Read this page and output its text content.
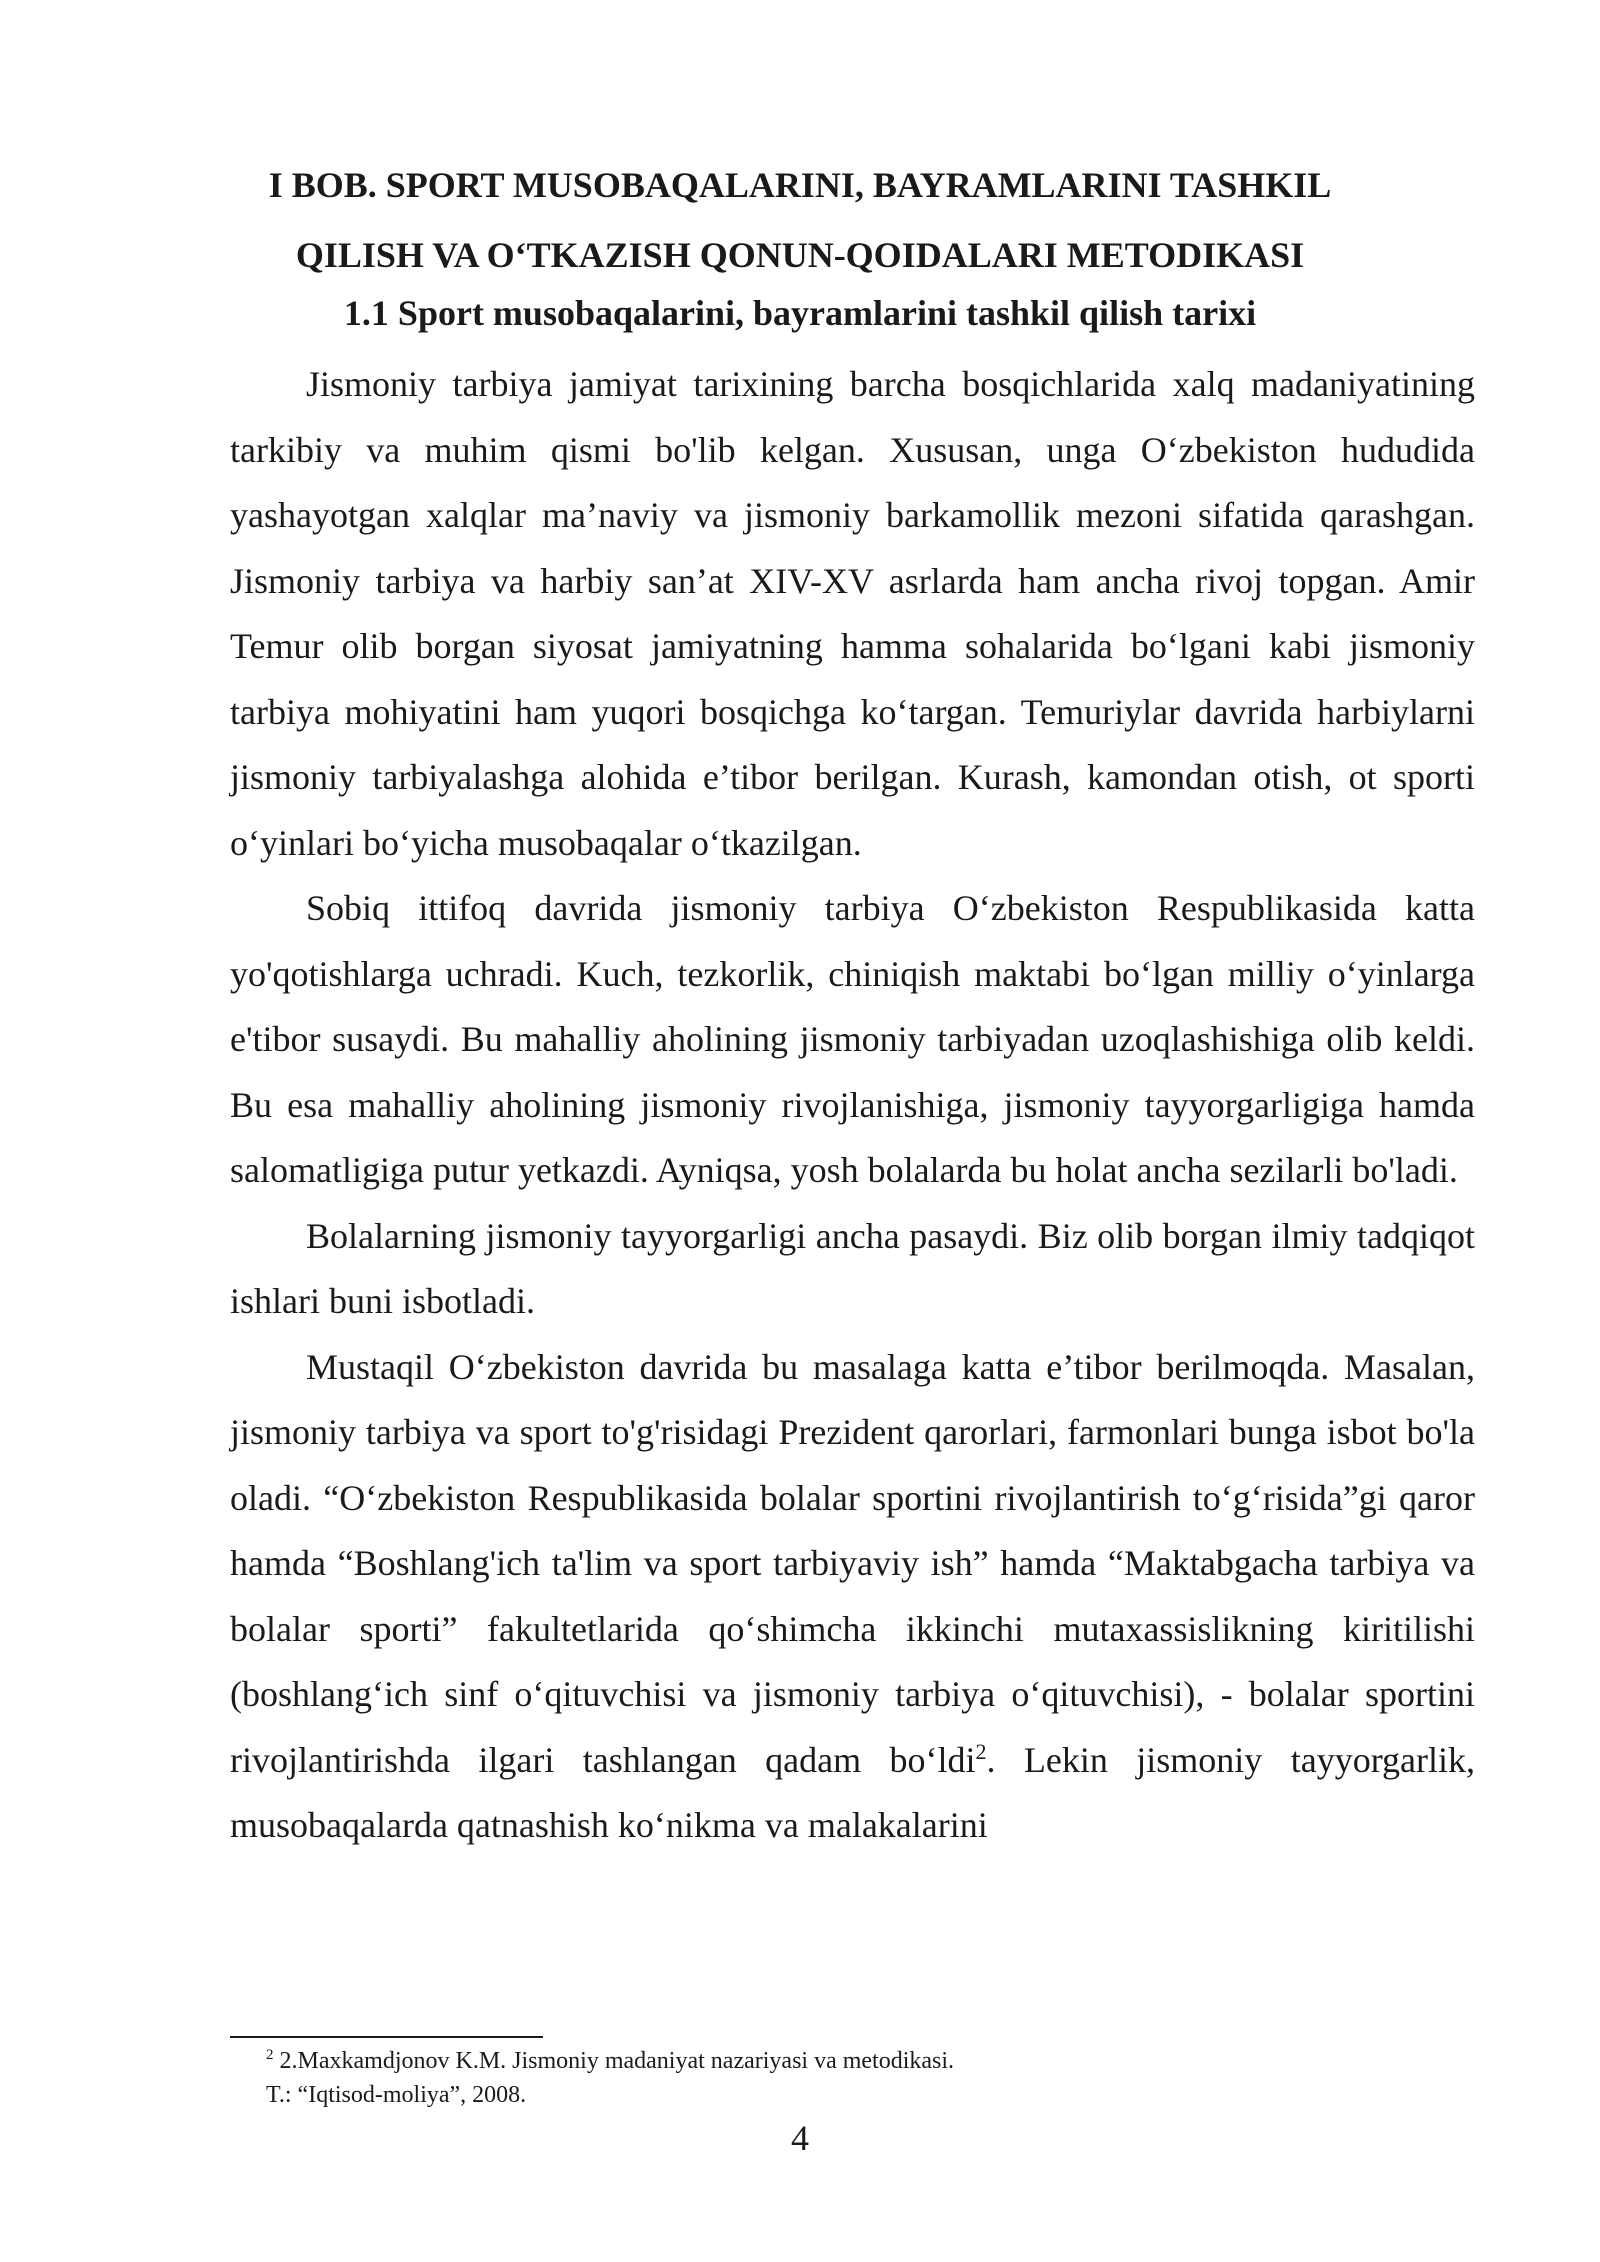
I BOB. SPORT MUSOBAQALARINI, BAYRAMLARINI TASHKIL
QILISH VA O‘TKAZISH QONUN-QOIDALARI METODIKASI
1.1 Sport musobaqalarini, bayramlarini tashkil qilish tarixi

Jismoniy tarbiya jamiyat tarixining barcha bosqichlarida xalq madaniyatining tarkibiy va muhim qismi bo'lib kelgan. Xususan, unga O‘zbekiston hududida yashayotgan xalqlar ma’naviy va jismoniy barkamollik mezoni sifatida qarashgan. Jismoniy tarbiya va harbiy san’at XIV-XV asrlarda ham ancha rivoj topgan. Amir Temur olib borgan siyosat jamiyatning hamma sohalarida bo‘lgani kabi jismoniy tarbiya mohiyatini ham yuqori bosqichga ko‘targan. Temuriylar davrida harbiylarni jismoniy tarbiyalashga alohida e’tibor berilgan. Kurash, kamondan otish, ot sporti o‘yinlari bo‘yicha musobaqalar o‘tkazilgan.

Sobiq ittifoq davrida jismoniy tarbiya O‘zbekiston Respublikasida katta yo'qotishlarga uchradi. Kuch, tezkorlik, chiniqish maktabi bo‘lgan milliy o‘yinlarga e'tibor susaydi. Bu mahalliy aholining jismoniy tarbiyadan uzoqlashishiga olib keldi. Bu esa mahalliy aholining jismoniy rivojlanishiga, jismoniy tayyorgarligiga hamda salomatligiga putur yetkazdi. Ayniqsa, yosh bolalarda bu holat ancha sezilarli bo'ladi.

Bolalarning jismoniy tayyorgarligi ancha pasaydi. Biz olib borgan ilmiy tadqiqot ishlari buni isbotladi.

Mustaqil O‘zbekiston davrida bu masalaga katta e’tibor berilmoqda. Masalan, jismoniy tarbiya va sport to'g'risidagi Prezident qarorlari, farmonlari bunga isbot bo'la oladi. “O‘zbekiston Respublikasida bolalar sportini rivojlantirish to‘g‘risida”gi qaror hamda “Boshlang'ich ta'lim va sport tarbiyaviy ish” hamda “Maktabgacha tarbiya va bolalar sporti” fakultetlarida qo‘shimcha ikkinchi mutaxassislikning kiritilishi (boshlang‘ich sinf o‘qituvchisi va jismoniy tarbiya o‘qituvchisi), - bolalar sportini rivojlantirishda ilgari tashlangan qadam bo‘ldi$^2$. Lekin jismoniy tayyorgarlik, musobaqalarda qatnashish ko‘nikma va malakalarini

$^2$ 2.Maxkamdjonov K.M. Jismoniy madaniyat nazariyasi va metodikasi.
T.: “Iqtisod-moliya”, 2008.
4
